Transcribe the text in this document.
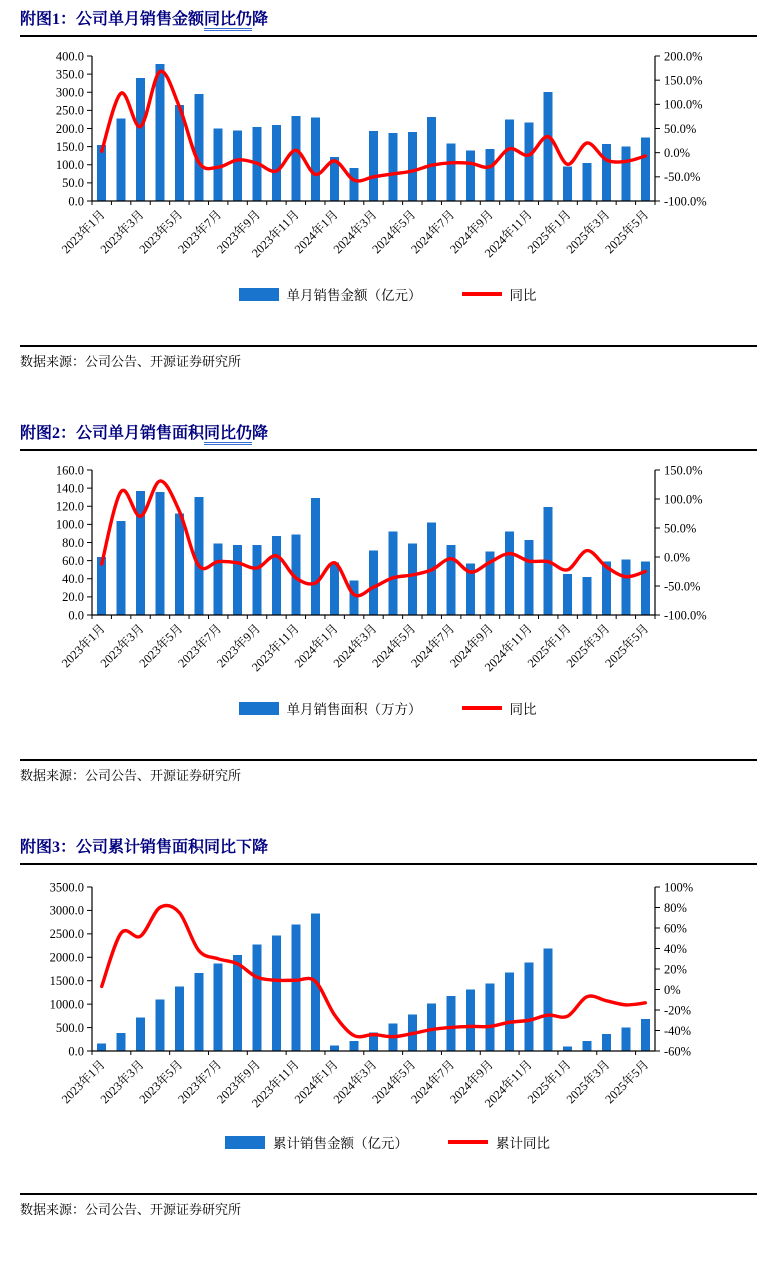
附图1：公司单月销售金额同比仍降
400.0
350.0
300.0
250.0
200.0
150.0
100.0
50.0
0.0
200.0%
150.0%
100.0%
50.0%
0.0%
-50.0%
-100.0%
2023年1月
2023年3月
2023年5月
2023年7月
2023年9月
2023年11月
2024年1月
2024年3月
2024年5月
2024年7月
2024年9月
2024年11月
2025年1月
2025年3月
2025年5月
单月销售金额（亿元）	同比
数据来源：公司公告、开源证券研究所
附图2：公司单月销售面积同比仍降
160.0
140.0
120.0
100.0
80.0
60.0
40.0
20.0
0.0
150.0%
100.0%
50.0%
0.0%
-50.0%
-100.0%
2023年1月
2023年3月
2023年5月
2023年7月
2023年9月
2023年11月
2024年1月
2024年3月
2024年5月
2024年7月
2024年9月
2024年11月
2025年1月
2025年3月
2025年5月
单月销售面积（万方）	同比
数据来源：公司公告、开源证券研究所
附图3：公司累计销售面积同比下降
3500.0
3000.0
2500.0
2000.0
1500.0
1000.0
500.0
0.0
100%
80%
60%
40%
20%
0%
-20%
-40%
-60%
2023年1月
2023年3月
2023年5月
2023年7月
2023年9月
2023年11月
2024年1月
2024年3月
2024年5月
2024年7月
2024年9月
2024年11月
2025年1月
2025年3月
2025年5月
累计销售金额（亿元）	累计同比
数据来源：公司公告、开源证券研究所
